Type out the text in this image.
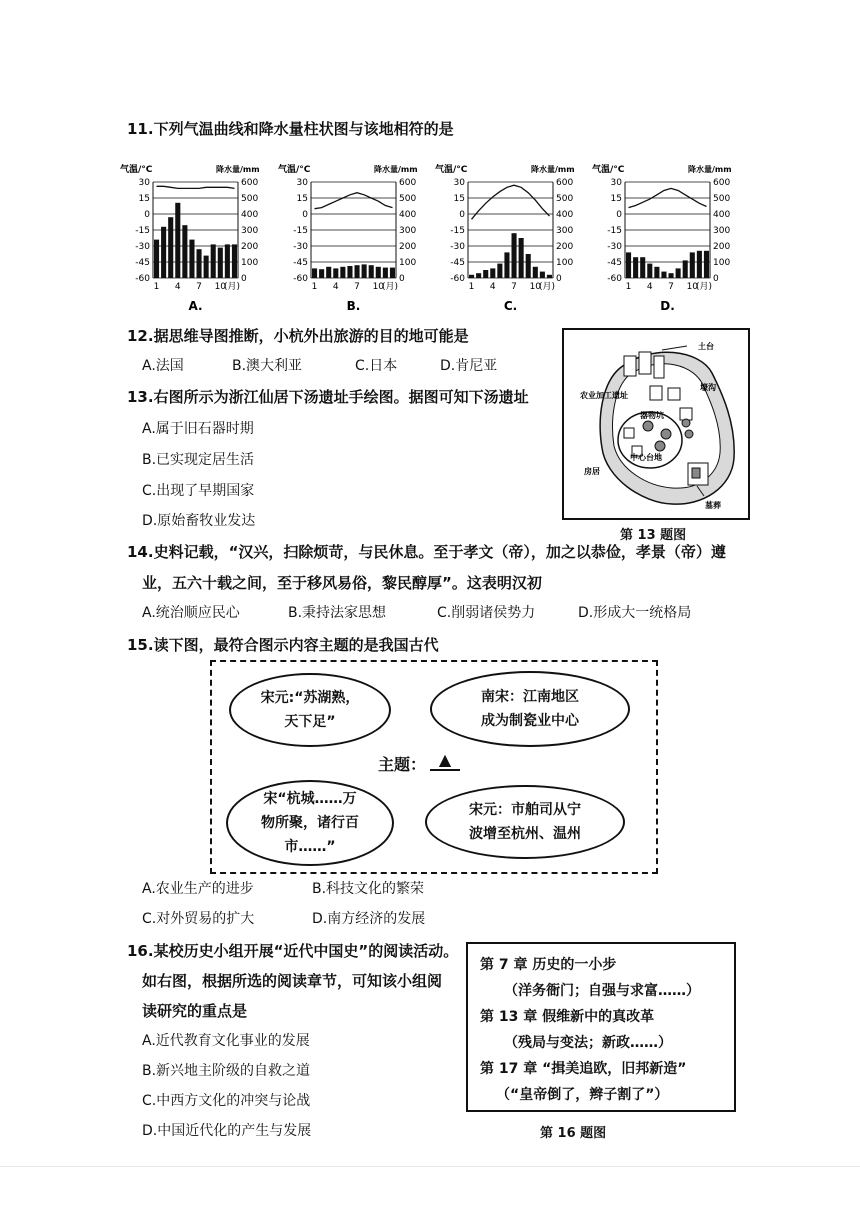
11.下列气温曲线和降水量柱状图与该地相符的是
气温/°C	降水量/mm
30	600
15	500
0	400
-15	300
-30	200
-45	100
-60	0
1 4 7 10
(月)
A.
气温/°C	降水量/mm
30	600
15	500
0	400
-15	300
-30	200
-45	100
-60	0
1 4 7 10
(月)
B.
气温/°C	降水量/mm
30	600
15	500
0	400
-15	300
-30	200
-45	100
-60	0
1 4 7 10
(月)
C.
气温/°C	降水量/mm
30	600
15	500
0	400
-15	300
-30	200
-45	100
-60	0
1 4 7 10
(月)
D.
12.据思维导图推断，小杭外出旅游的目的地可能是
A.法国	B.澳大利亚	C.日本	D.肯尼亚
13.右图所示为浙江仙居下汤遗址手绘图。据图可知下汤遗址
A.属于旧石器时期
B.已实现定居生活
C.出现了早期国家
D.原始畜牧业发达
土台
壕沟
农业加工遗址
器物坑
中心台地
房居
墓葬
第 13 题图
14.史料记载，“汉兴，扫除烦苛，与民休息。至于孝文（帝），加之以恭俭，孝景（帝）遵
业，五六十载之间，至于移风易俗，黎民醇厚”。这表明汉初
A.统治顺应民心	B.秉持法家思想	C.削弱诸侯势力	D.形成大一统格局
15.读下图，最符合图示内容主题的是我国古代
宋元:“苏湖熟，
天下足”
南宋：江南地区
成为制瓷业中心
主题： ▲
宋“杭城……万
物所聚，诸行百
市……”
宋元：市舶司从宁
波增至杭州、温州
A.农业生产的进步	B.科技文化的繁荣
C.对外贸易的扩大	D.南方经济的发展
16.某校历史小组开展“近代中国史”的阅读活动。
如右图，根据所选的阅读章节，可知该小组阅
读研究的重点是
A.近代教育文化事业的发展
B.新兴地主阶级的自救之道
C.中西方文化的冲突与论战
D.中国近代化的产生与发展
第 7 章 历史的一小步
（洋务衙门；自强与求富……）
第 13 章 假维新中的真改革
（残局与变法；新政……）
第 17 章 “揖美追欧，旧邦新造”
（“皇帝倒了，辫子割了”）
第 16 题图
